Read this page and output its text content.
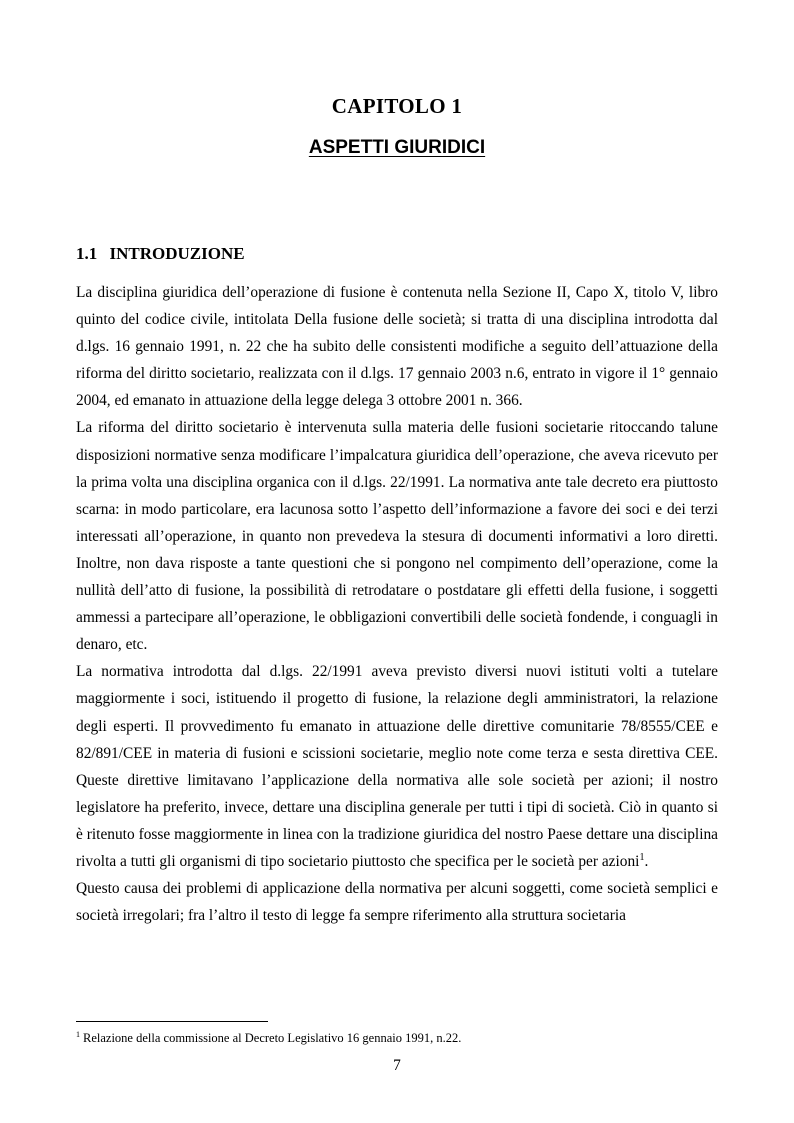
CAPITOLO 1
ASPETTI GIURIDICI
1.1 INTRODUZIONE

La disciplina giuridica dell’operazione di fusione è contenuta nella Sezione II, Capo X, titolo V, libro quinto del codice civile, intitolata Della fusione delle società; si tratta di una disciplina introdotta dal d.lgs. 16 gennaio 1991, n. 22 che ha subito delle consistenti modifiche a seguito dell’attuazione della riforma del diritto societario, realizzata con il d.lgs. 17 gennaio 2003 n.6, entrato in vigore il 1° gennaio 2004, ed emanato in attuazione della legge delega 3 ottobre 2001 n. 366.

La riforma del diritto societario è intervenuta sulla materia delle fusioni societarie ritoccando talune disposizioni normative senza modificare l’impalcatura giuridica dell’operazione, che aveva ricevuto per la prima volta una disciplina organica con il d.lgs. 22/1991. La normativa ante tale decreto era piuttosto scarna: in modo particolare, era lacunosa sotto l’aspetto dell’informazione a favore dei soci e dei terzi interessati all’operazione, in quanto non prevedeva la stesura di documenti informativi a loro diretti. Inoltre, non dava risposte a tante questioni che si pongono nel compimento dell’operazione, come la nullità dell’atto di fusione, la possibilità di retrodatare o postdatare gli effetti della fusione, i soggetti ammessi a partecipare all’operazione, le obbligazioni convertibili delle società fondende, i conguagli in denaro, etc.

La normativa introdotta dal d.lgs. 22/1991 aveva previsto diversi nuovi istituti volti a tutelare maggiormente i soci, istituendo il progetto di fusione, la relazione degli amministratori, la relazione degli esperti. Il provvedimento fu emanato in attuazione delle direttive comunitarie 78/8555/CEE e 82/891/CEE in materia di fusioni e scissioni societarie, meglio note come terza e sesta direttiva CEE. Queste direttive limitavano l’applicazione della normativa alle sole società per azioni; il nostro legislatore ha preferito, invece, dettare una disciplina generale per tutti i tipi di società. Ciò in quanto si è ritenuto fosse maggiormente in linea con la tradizione giuridica del nostro Paese dettare una disciplina rivolta a tutti gli organismi di tipo societario piuttosto che specifica per le società per azioni$^1$.

Questo causa dei problemi di applicazione della normativa per alcuni soggetti, come società semplici e società irregolari; fra l’altro il testo di legge fa sempre riferimento alla struttura societaria

$^1$ Relazione della commissione al Decreto Legislativo 16 gennaio 1991, n.22.
7
